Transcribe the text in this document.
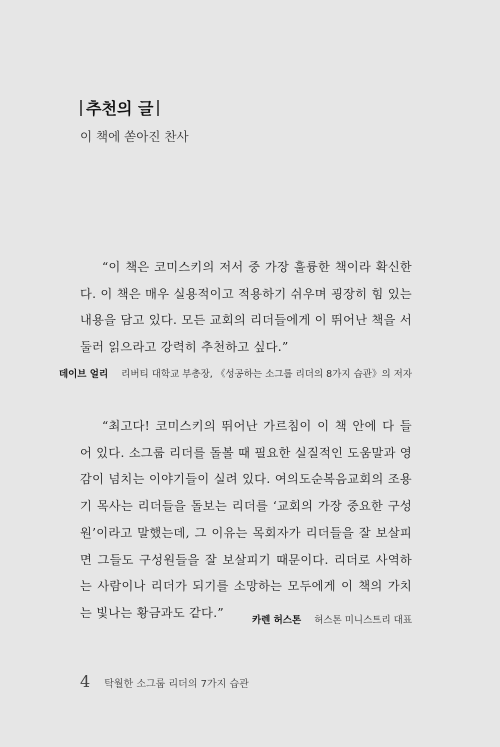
추천의 글
이 책에 쏟아진 찬사

“이 책은 코미스키의 저서 중 가장 훌륭한 책이라 확신한다. 이 책은 매우 실용적이고 적용하기 쉬우며 굉장히 힘 있는 내용을 담고 있다. 모든 교회의 리더들에게 이 뛰어난 책을 서둘러 읽으라고 강력히 추천하고 싶다.”

데이브 얼리 리버티 대학교 부총장, 《성공하는 소그룹 리더의 8가지 습관》의 저자

“최고다! 코미스키의 뛰어난 가르침이 이 책 안에 다 들어 있다. 소그룹 리더를 돌볼 때 필요한 실질적인 도움말과 영감이 넘치는 이야기들이 실려 있다. 여의도순복음교회의 조용기 목사는 리더들을 돌보는 리더를 ‘교회의 가장 중요한 구성원’이라고 말했는데, 그 이유는 목회자가 리더들을 잘 보살피면 그들도 구성원들을 잘 보살피기 때문이다. 리더로 사역하는 사람이나 리더가 되기를 소망하는 모두에게 이 책의 가치는 빛나는 황금과도 같다.”

카렌 허스톤 허스톤 미니스트리 대표
4 탁월한 소그룹 리더의 7가지 습관
